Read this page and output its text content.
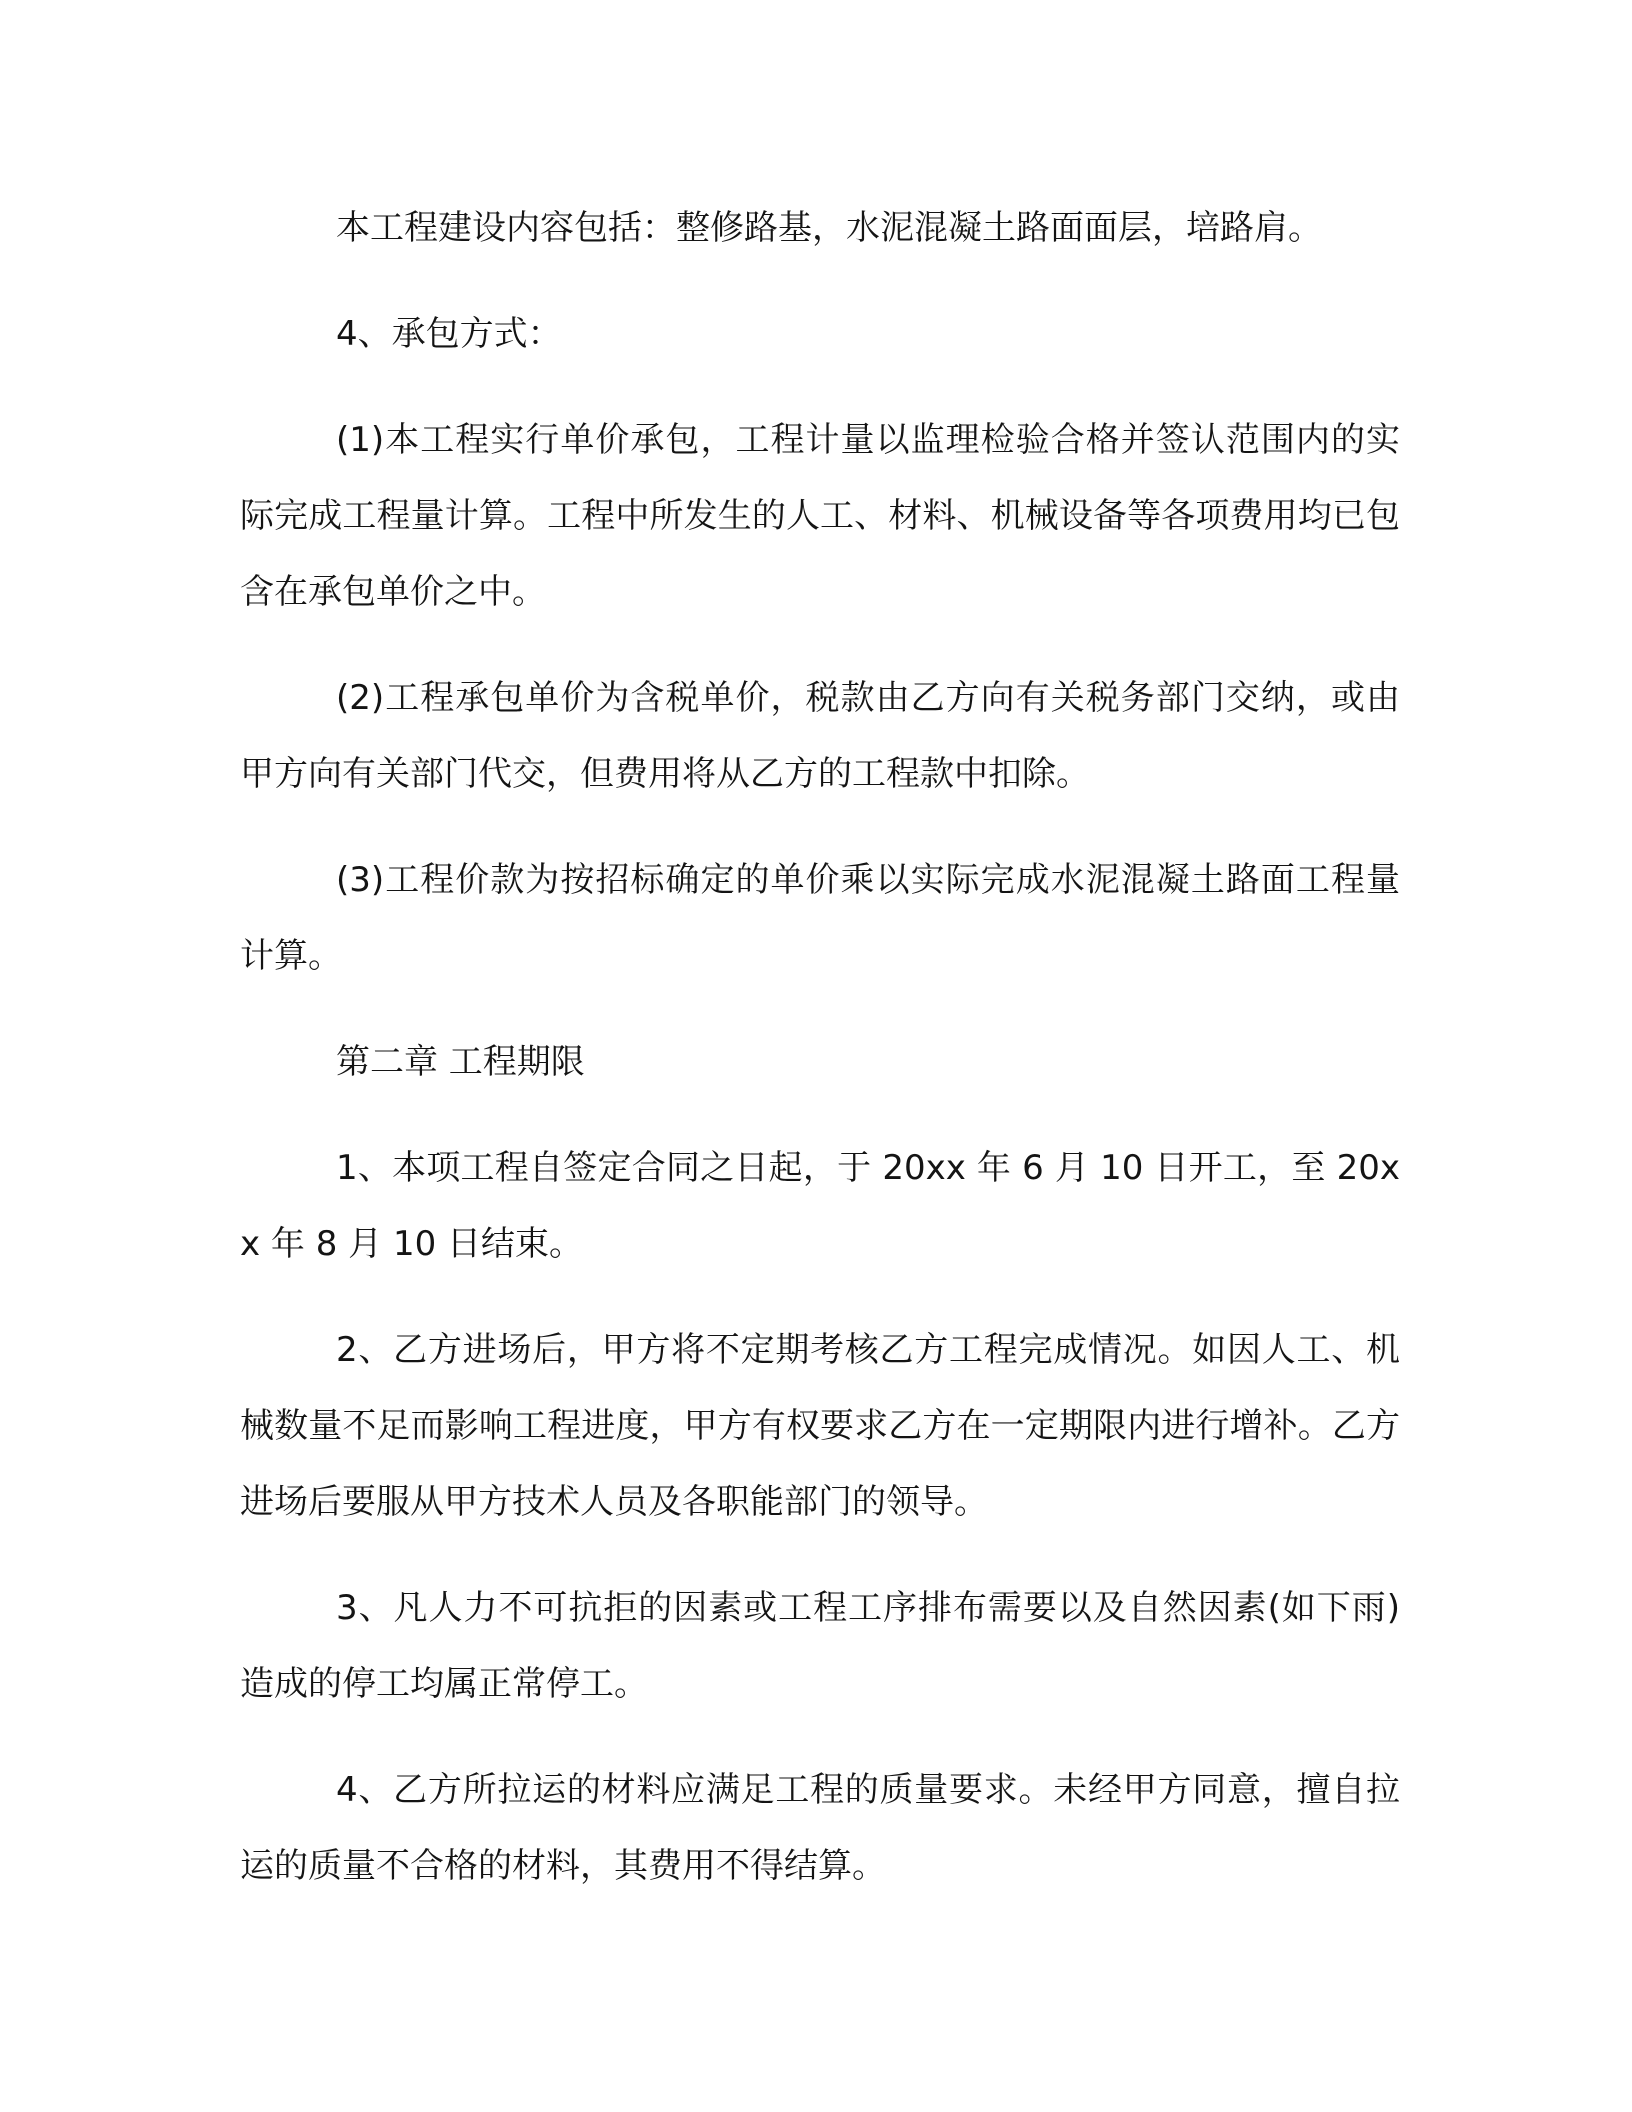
本工程建设内容包括：整修路基，水泥混凝土路面面层，培路肩。

4、承包方式：

(1)本工程实行单价承包，工程计量以监理检验合格并签认范围内的实际完成工程量计算。工程中所发生的人工、材料、机械设备等各项费用均已包含在承包单价之中。

(2)工程承包单价为含税单价，税款由乙方向有关税务部门交纳，或由甲方向有关部门代交，但费用将从乙方的工程款中扣除。

(3)工程价款为按招标确定的单价乘以实际完成水泥混凝土路面工程量计算。

第二章 工程期限

1、本项工程自签定合同之日起，于 20xx 年 6 月 10 日开工，至 20xx 年 8 月 10 日结束。

2、乙方进场后，甲方将不定期考核乙方工程完成情况。如因人工、机械数量不足而影响工程进度，甲方有权要求乙方在一定期限内进行增补。乙方进场后要服从甲方技术人员及各职能部门的领导。

3、凡人力不可抗拒的因素或工程工序排布需要以及自然因素(如下雨)造成的停工均属正常停工。

4、乙方所拉运的材料应满足工程的质量要求。未经甲方同意，擅自拉运的质量不合格的材料，其费用不得结算。
